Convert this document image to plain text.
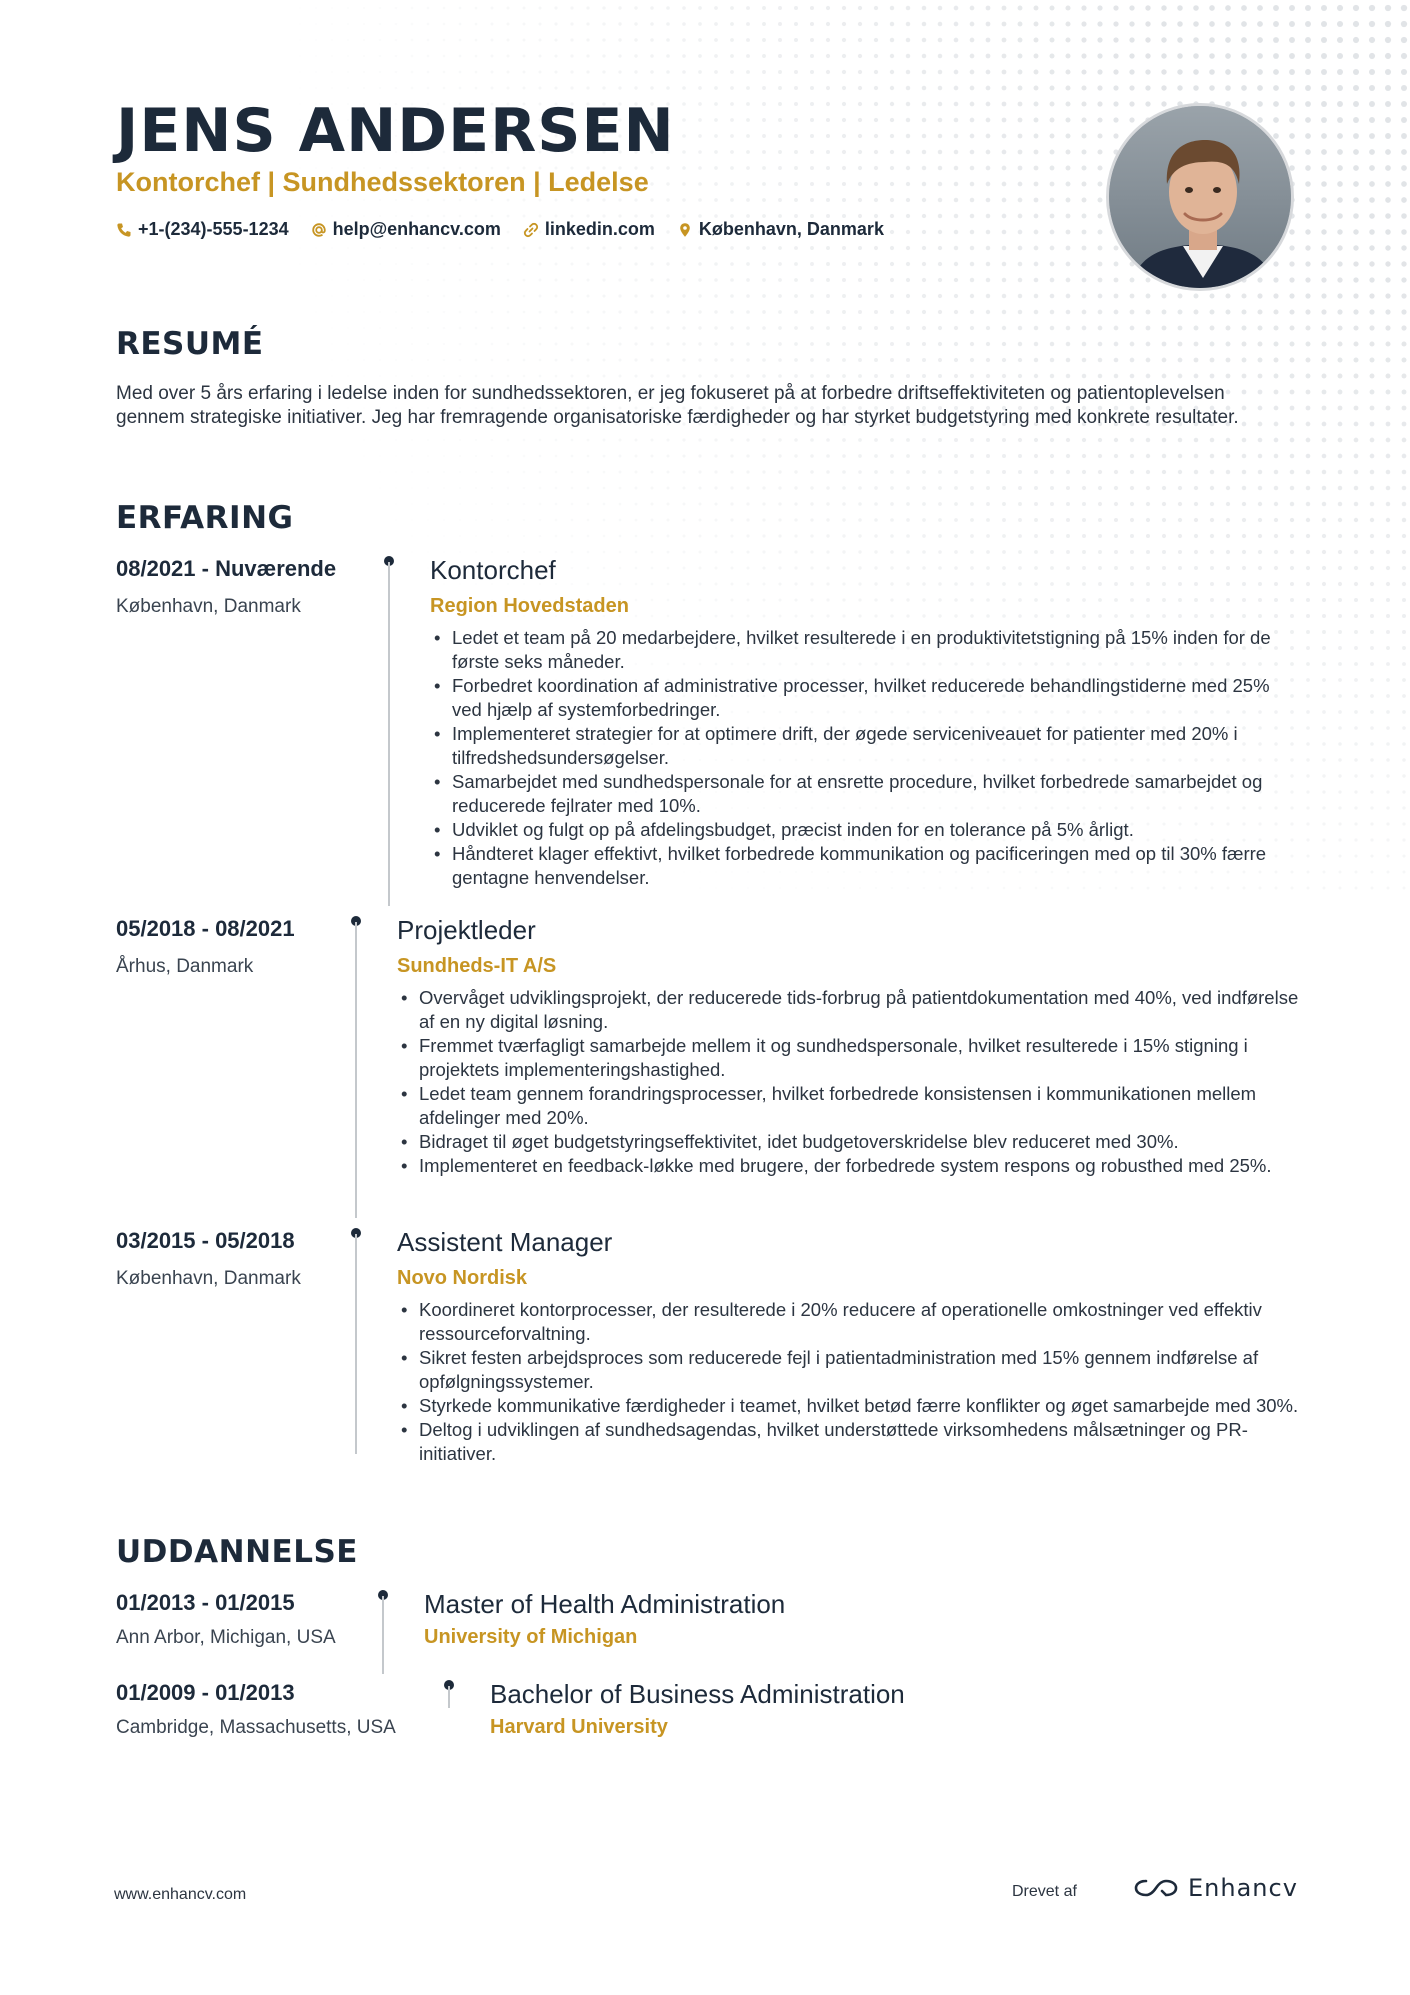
JENS ANDERSEN
Kontorchef | Sundhedssektoren | Ledelse
+1-(234)-555-1234 help@enhancv.com linkedin.com København, Danmark
RESUMÉ
Med over 5 års erfaring i ledelse inden for sundhedssektoren, er jeg fokuseret på at forbedre driftseffektiviteten og patientoplevelsen gennem strategiske initiativer. Jeg har fremragende organisatoriske færdigheder og har styrket budgetstyring med konkrete resultater.
ERFARING
08/2021 - Nuværende
København, Danmark
Kontorchef
Region Hovedstaden
• Ledet et team på 20 medarbejdere, hvilket resulterede i en produktivitetstigning på 15% inden for de første seks måneder.
• Forbedret koordination af administrative processer, hvilket reducerede behandlingstiderne med 25% ved hjælp af systemforbedringer.
• Implementeret strategier for at optimere drift, der øgede serviceniveauet for patienter med 20% i tilfredshedsundersøgelser.
• Samarbejdet med sundhedspersonale for at ensrette procedure, hvilket forbedrede samarbejdet og reducerede fejlrater med 10%.
• Udviklet og fulgt op på afdelingsbudget, præcist inden for en tolerance på 5% årligt.
• Håndteret klager effektivt, hvilket forbedrede kommunikation og pacificeringen med op til 30% færre gentagne henvendelser.
05/2018 - 08/2021
Århus, Danmark
Projektleder
Sundheds-IT A/S
• Overvåget udviklingsprojekt, der reducerede tids-forbrug på patientdokumentation med 40%, ved indførelse af en ny digital løsning.
• Fremmet tværfagligt samarbejde mellem it og sundhedspersonale, hvilket resulterede i 15% stigning i projektets implementeringshastighed.
• Ledet team gennem forandringsprocesser, hvilket forbedrede konsistensen i kommunikationen mellem afdelinger med 20%.
• Bidraget til øget budgetstyringseffektivitet, idet budgetoverskridelse blev reduceret med 30%.
• Implementeret en feedback-løkke med brugere, der forbedrede system respons og robusthed med 25%.
03/2015 - 05/2018
København, Danmark
Assistent Manager
Novo Nordisk
• Koordineret kontorprocesser, der resulterede i 20% reducere af operationelle omkostninger ved effektiv ressourceforvaltning.
• Sikret festen arbejdsproces som reducerede fejl i patientadministration med 15% gennem indførelse af opfølgningssystemer.
• Styrkede kommunikative færdigheder i teamet, hvilket betød færre konflikter og øget samarbejde med 30%.
• Deltog i udviklingen af sundhedsagendas, hvilket understøttede virksomhedens målsætninger og PR-initiativer.
UDDANNELSE
01/2013 - 01/2015
Ann Arbor, Michigan, USA
Master of Health Administration
University of Michigan
01/2009 - 01/2013
Cambridge, Massachusetts, USA
Bachelor of Business Administration
Harvard University
www.enhancv.com	Drevet af	Enhancv
